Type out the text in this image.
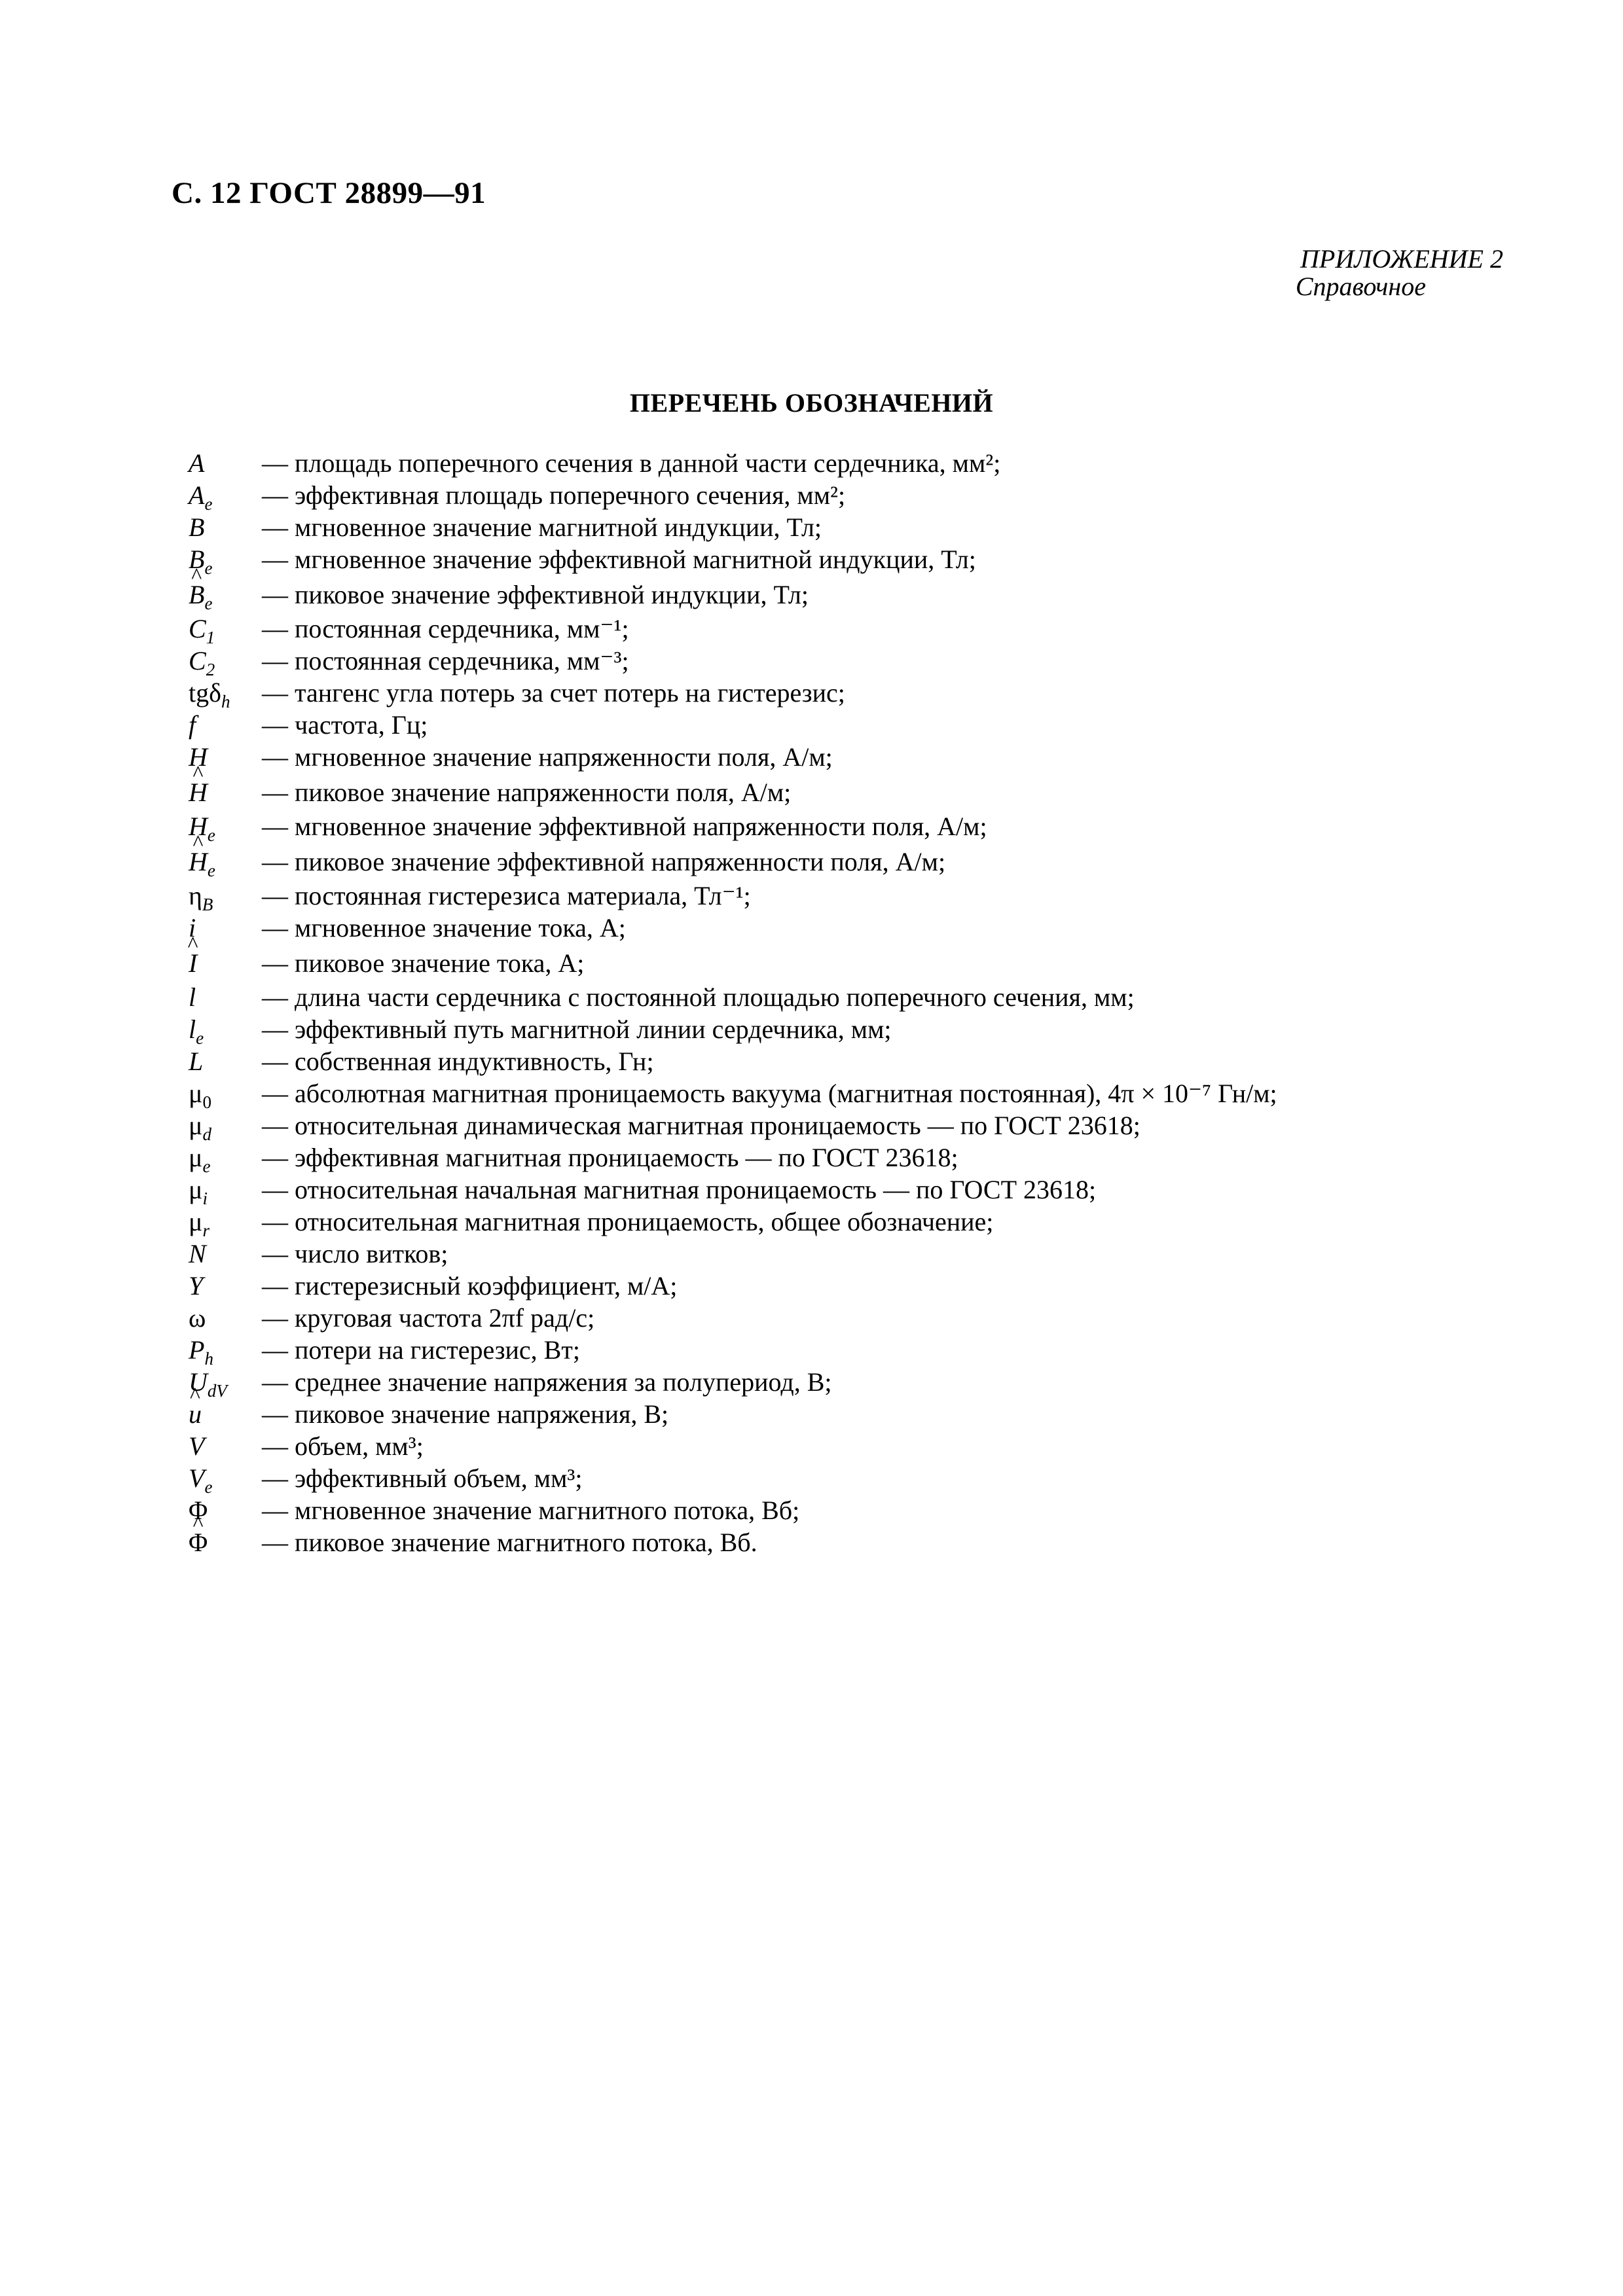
С. 12 ГОСТ 28899—91
ПРИЛОЖЕНИЕ 2
Справочное
ПЕРЕЧЕНЬ ОБОЗНАЧЕНИЙ
A	— площадь поперечного сечения в данной части сердечника, мм²;
$A_e$	— эффективная площадь поперечного сечения, мм²;
B	— мгновенное значение магнитной индукции, Тл;
$B_e$	— мгновенное значение эффективной магнитной индукции, Тл;
^ $B_e$	— пиковое значение эффективной индукции, Тл;
$C_1$	— постоянная сердечника, мм⁻¹;
$C_2$	— постоянная сердечника, мм⁻³;
tgδ$_h$	— тангенс угла потерь за счет потерь на гистерезис;
f	— частота, Гц;
H	— мгновенное значение напряженности поля, А/м;
^ H	— пиковое значение напряженности поля, А/м;
$H_e$	— мгновенное значение эффективной напряженности поля, А/м;
^ $H_e$	— пиковое значение эффективной напряженности поля, А/м;
$\eta_B$	— постоянная гистерезиса материала, Тл⁻¹;
i	— мгновенное значение тока, А;
^ I	— пиковое значение тока, А;
l	— длина части сердечника с постоянной площадью поперечного сечения, мм;
$l_e$	— эффективный путь магнитной линии сердечника, мм;
L	— собственная индуктивность, Гн;
$\mu_0$	— абсолютная магнитная проницаемость вакуума (магнитная постоянная), 4π × 10⁻⁷ Гн/м;
$\mu_d$	— относительная динамическая магнитная проницаемость — по ГОСТ 23618;
$\mu_e$	— эффективная магнитная проницаемость — по ГОСТ 23618;
$\mu_i$	— относительная начальная магнитная проницаемость — по ГОСТ 23618;
$\mu_r$	— относительная магнитная проницаемость, общее обозначение;
N	— число витков;
Y	— гистерезисный коэффициент, м/А;
ω	— круговая частота 2πf рад/с;
$P_h$	— потери на гистерезис, Вт;
$U_{dV}$	— среднее значение напряжения за полупериод, В;
^ u	— пиковое значение напряжения, В;
V	— объем, мм³;
$V_e$	— эффективный объем, мм³;
Φ	— мгновенное значение магнитного потока, Вб;
^ Φ	— пиковое значение магнитного потока, Вб.
